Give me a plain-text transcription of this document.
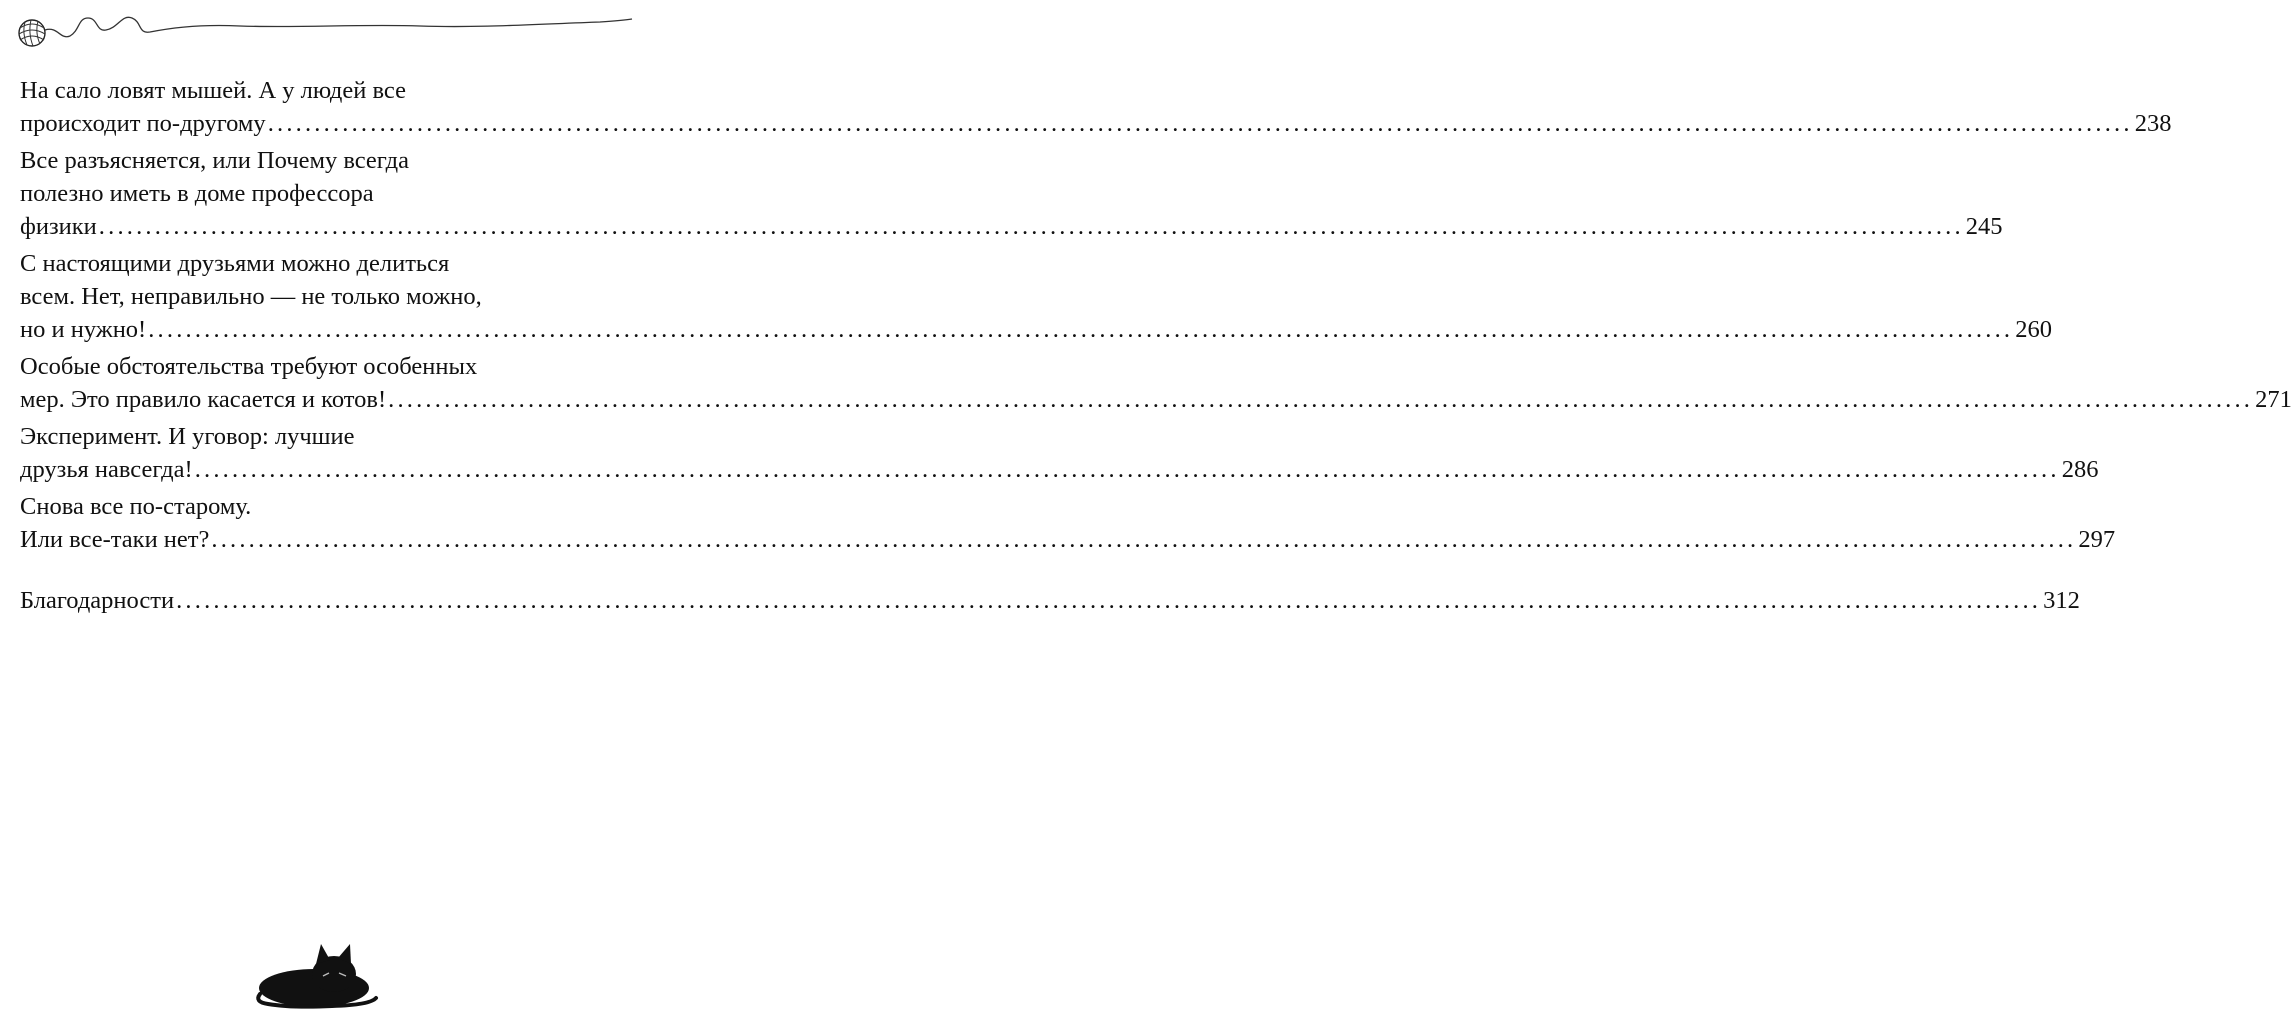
На сало ловят мышей. А у людей все
происходит по-другому ........................................................................................................................................................................................................ 238
Все разъясняется, или Почему всегда
полезно иметь в доме профессора
физики ........................................................................................................................................................................................................ 245
С настоящими друзьями можно делиться
всем. Нет, неправильно — не только можно,
но и нужно! ........................................................................................................................................................................................................ 260
Особые обстоятельства требуют особенных
мер. Это правило касается и котов! ........................................................................................................................................................................................................ 271
Эксперимент. И уговор: лучшие
друзья навсегда! ........................................................................................................................................................................................................ 286
Снова все по-старому.
Или все-таки нет? ........................................................................................................................................................................................................ 297
Благодарности ........................................................................................................................................................................................................ 312
